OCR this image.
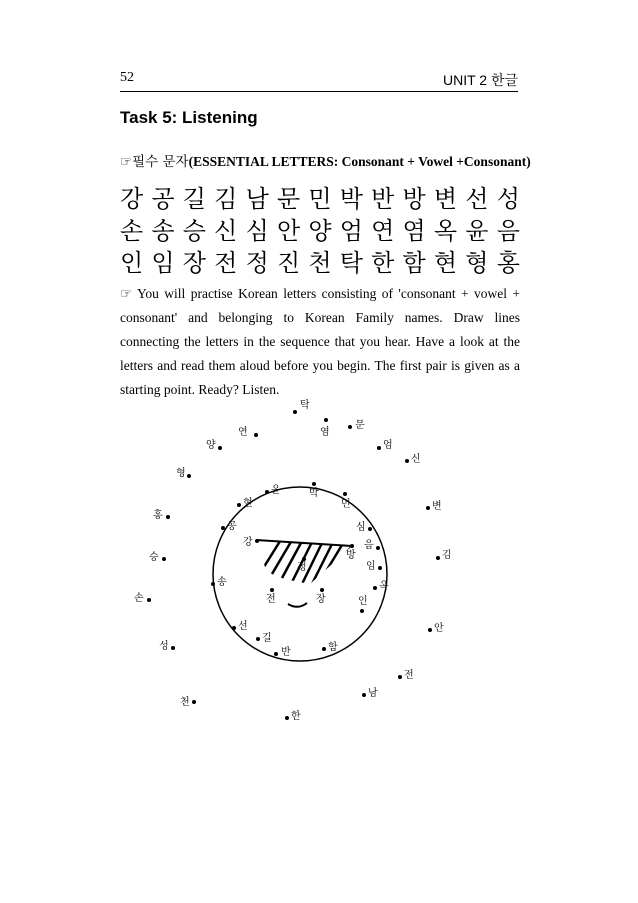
52	UNIT 2 한글
Task 5: Listening
☞필수 문자(ESSENTIAL LETTERS: Consonant + Vowel +Consonant)
강 공 길 김 남 문 민 박 반 방 변 선 성
손 송 승 신 심 안 양 엄 연 염 옥 윤 음
인 임 장 전 정 진 천 탁 한 함 현 형 홍
☞ You will practise Korean letters consisting of 'consonant + vowel + consonant' and belonging to Korean Family names. Draw lines connecting the letters in the sequence that you hear. Have a look at the letters and read them aloud before you begin. The first pair is given as a starting point. Ready? Listen.
탁
염
문
연
양	엄
신
형
윤	박
민
현	변
홍
공	심
강	음
방	김
승
정	임
옥
송
손	전	장	인
선	안
성
길
반	함
전
남
천
한
